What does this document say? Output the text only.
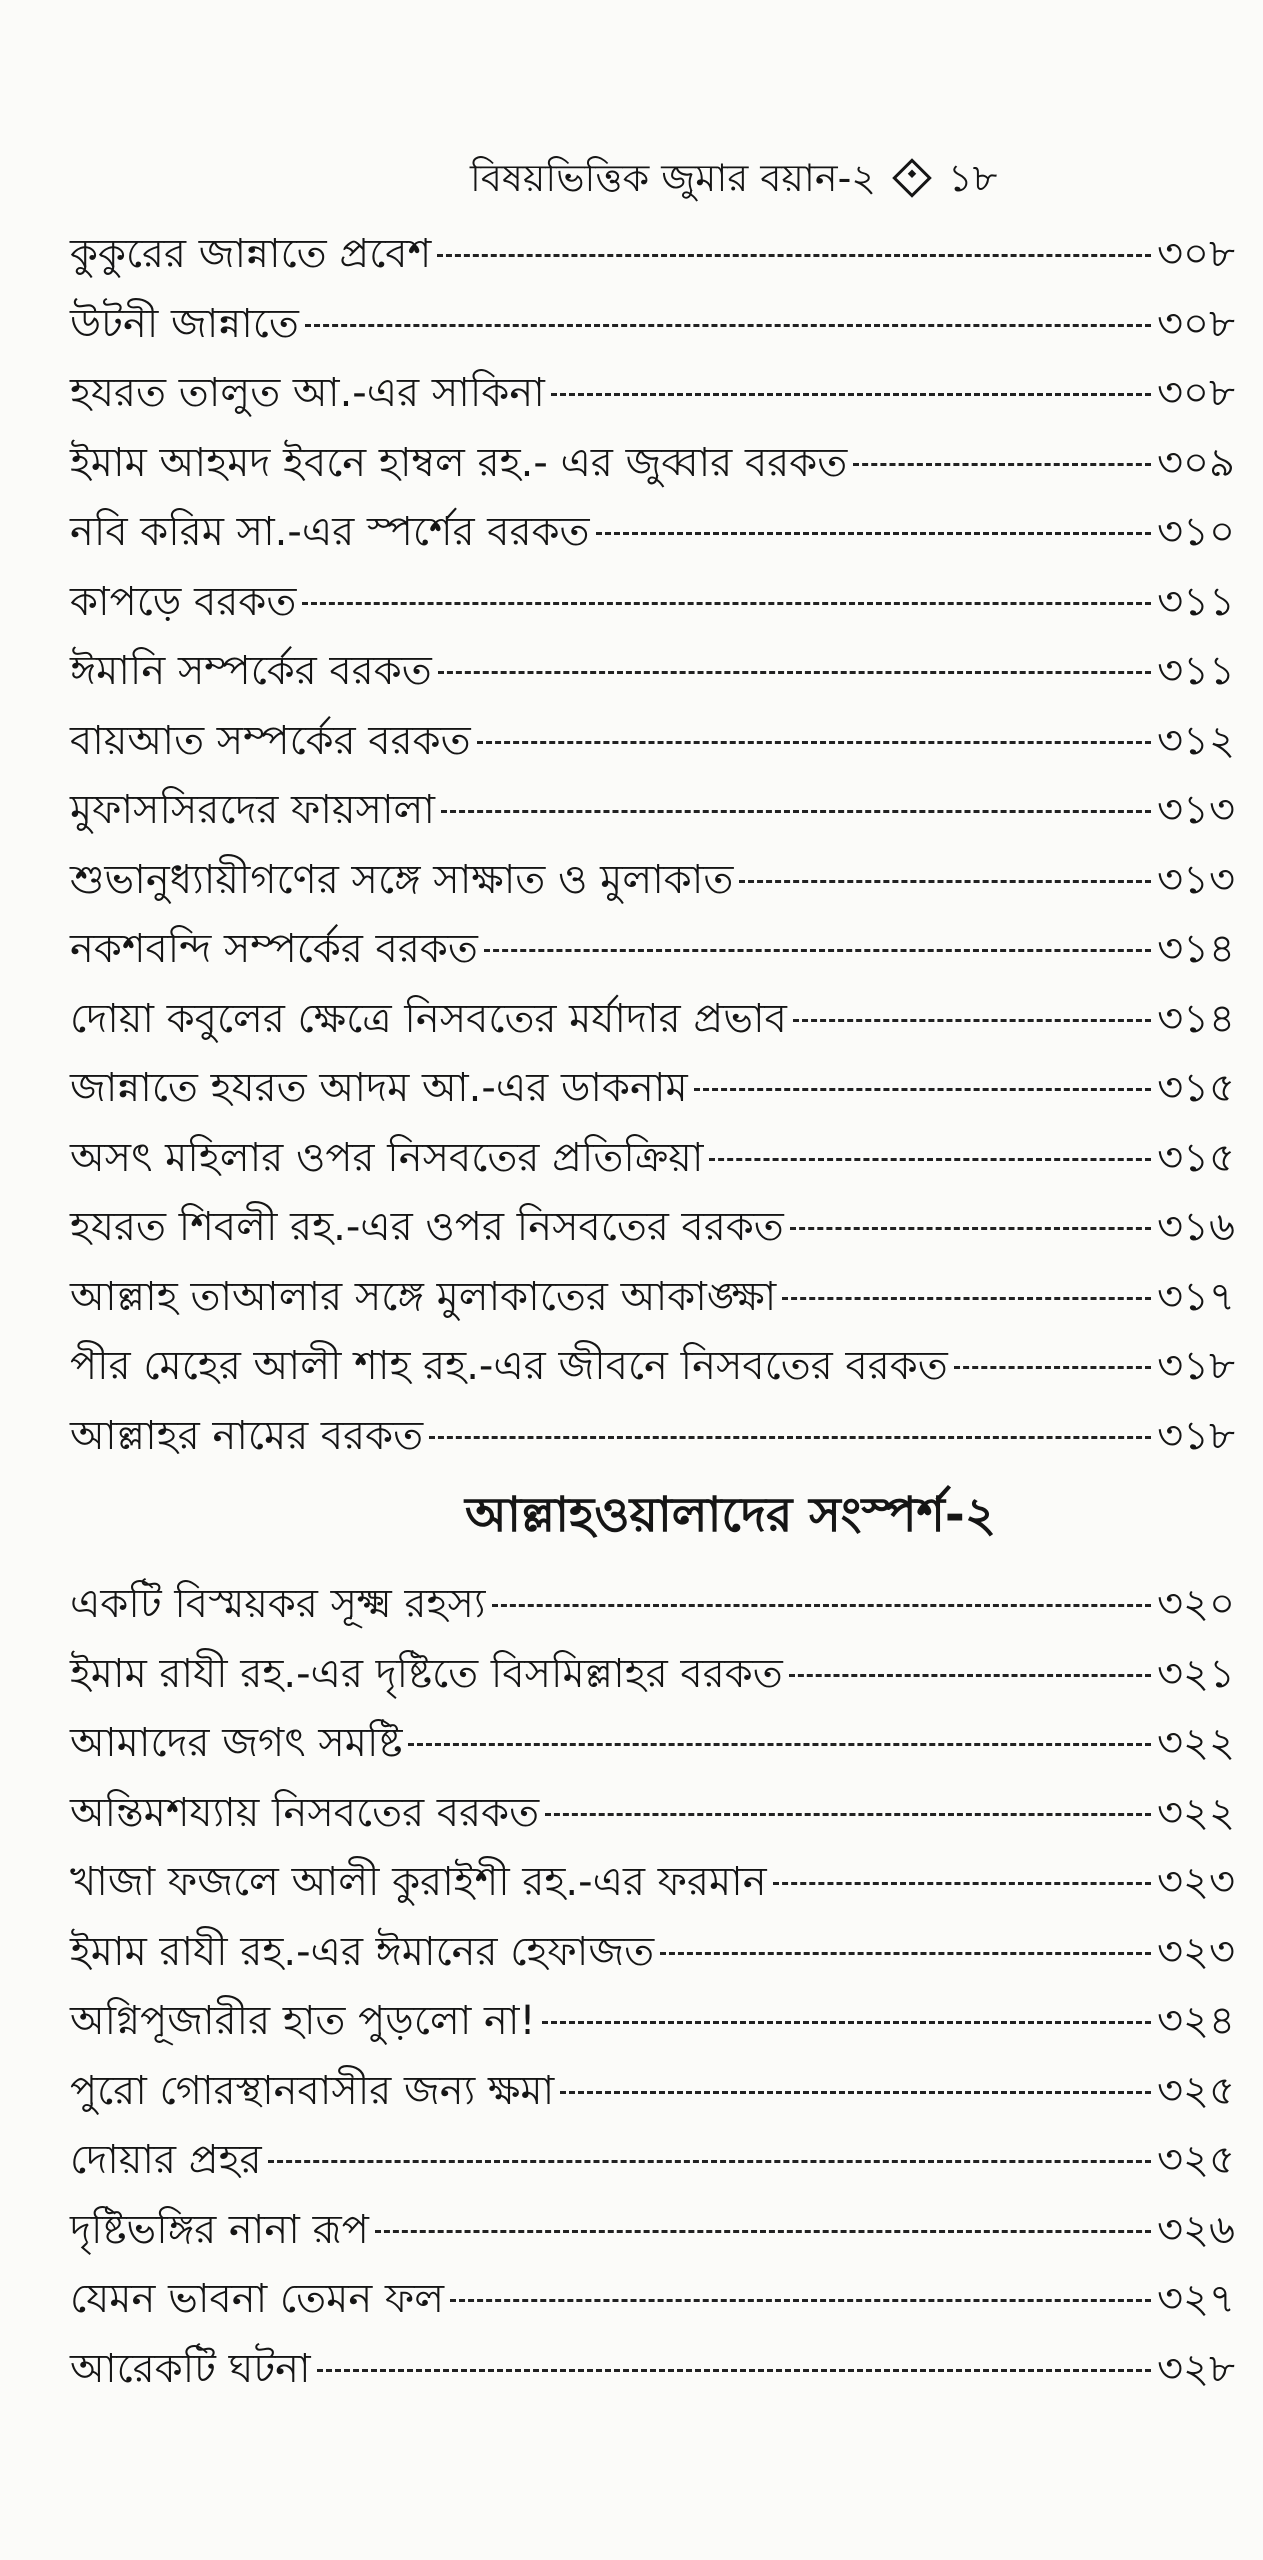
বিষয়ভিত্তিক জুমার বয়ান-২ ১৮
কুকুরের জান্নাতে প্রবেশ	৩০৮
উটনী জান্নাতে	৩০৮
হযরত তালুত আ.-এর সাকিনা	৩০৮
ইমাম আহমদ ইবনে হাম্বল রহ.- এর জুব্বার বরকত	৩০৯
নবি করিম সা.-এর স্পর্শের বরকত	৩১০
কাপড়ে বরকত	৩১১
ঈমানি সম্পর্কের বরকত	৩১১
বায়আত সম্পর্কের বরকত	৩১২
মুফাসসিরদের ফায়সালা	৩১৩
শুভানুধ্যায়ীগণের সঙ্গে সাক্ষাত ও মুলাকাত	৩১৩
নকশবন্দি সম্পর্কের বরকত	৩১৪
দোয়া কবুলের ক্ষেত্রে নিসবতের মর্যাদার প্রভাব	৩১৪
জান্নাতে হযরত আদম আ.-এর ডাকনাম	৩১৫
অসৎ মহিলার ওপর নিসবতের প্রতিক্রিয়া	৩১৫
হযরত শিবলী রহ.-এর ওপর নিসবতের বরকত	৩১৬
আল্লাহ তাআলার সঙ্গে মুলাকাতের আকাঙ্ক্ষা	৩১৭
পীর মেহের আলী শাহ রহ.-এর জীবনে নিসবতের বরকত	৩১৮
আল্লাহর নামের বরকত	৩১৮
আল্লাহওয়ালাদের সংস্পর্শ-২
একটি বিস্ময়কর সূক্ষ্ম রহস্য	৩২০
ইমাম রাযী রহ.-এর দৃষ্টিতে বিসমিল্লাহর বরকত	৩২১
আমাদের জগৎ সমষ্টি	৩২২
অন্তিমশয্যায় নিসবতের বরকত	৩২২
খাজা ফজলে আলী কুরাইশী রহ.-এর ফরমান	৩২৩
ইমাম রাযী রহ.-এর ঈমানের হেফাজত	৩২৩
অগ্নিপূজারীর হাত পুড়লো না!	৩২৪
পুরো গোরস্থানবাসীর জন্য ক্ষমা	৩২৫
দোয়ার প্রহর	৩২৫
দৃষ্টিভঙ্গির নানা রূপ	৩২৬
যেমন ভাবনা তেমন ফল	৩২৭
আরেকটি ঘটনা	৩২৮
